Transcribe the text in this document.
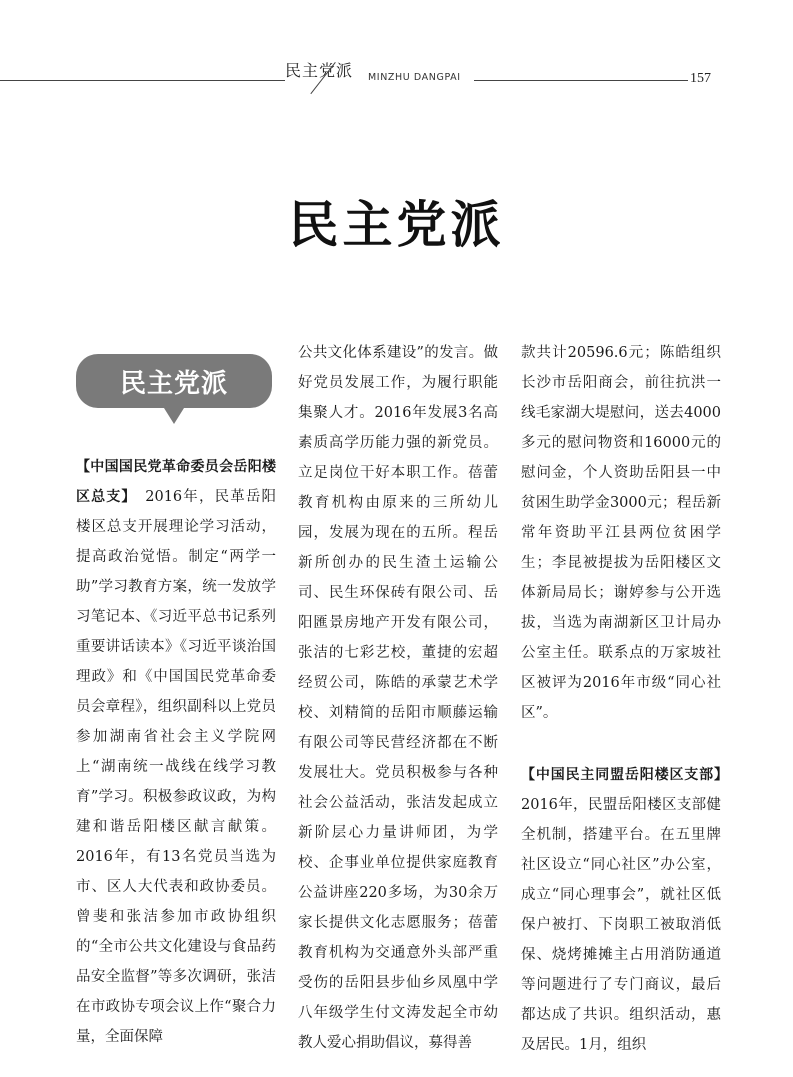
民主党派 MINZHU DANGPAI	157
民主党派
民主党派

【中国国民党革命委员会岳阳楼区总支】　 2016年，民革岳阳楼区总支开展理论学习活动，提高政治觉悟。制定“两学一助”学习教育方案，统一发放学习笔记本、《习近平总书记系列重要讲话读本》《习近平谈治国理政》和《中国国民党革命委员会章程》，组织副科以上党员参加湖南省社会主义学院网上“湖南统一战线在线学习教育”学习。积极参政议政，为构建和谐岳阳楼区献言献策。2016年，有13名党员当选为市、区人大代表和政协委员。曾斐和张洁参加市政协组织的“全市公共文化建设与食品药品安全监督”等多次调研，张洁在市政协专项会议上作“聚合力量，全面保障

公共文化体系建设”的发言。做好党员发展工作，为履行职能集聚人才。2016年发展3名高素质高学历能力强的新党员。立足岗位干好本职工作。蓓蕾教育机构由原来的三所幼儿园，发展为现在的五所。程岳新所创办的民生渣土运输公司、民生环保砖有限公司、岳阳匯景房地产开发有限公司，张洁的七彩艺校，董捷的宏超经贸公司，陈皓的承蒙艺术学校、刘精简的岳阳市顺藤运输有限公司等民营经济都在不断发展壮大。党员积极参与各种社会公益活动，张洁发起成立新阶层心力量讲师团，为学校、企事业单位提供家庭教育公益讲座220多场，为30余万家长提供文化志愿服务；蓓蕾教育机构为交通意外头部严重受伤的岳阳县步仙乡凤凰中学八年级学生付文涛发起全市幼教人爱心捐助倡议，募得善

款共计20596.6元；陈皓组织长沙市岳阳商会，前往抗洪一线毛家湖大堤慰问，送去4000多元的慰问物资和16000元的慰问金，个人资助岳阳县一中贫困生助学金3000元；程岳新常年资助平江县两位贫困学生；李昆被提拔为岳阳楼区文体新局局长；谢婷参与公开选拔，当选为南湖新区卫计局办公室主任。联系点的万家坡社区被评为2016年市级“同心社区”。

【中国民主同盟岳阳楼区支部】　2016年，民盟岳阳楼区支部健全机制，搭建平台。在五里牌社区设立“同心社区”办公室，成立“同心理事会”，就社区低保户被打、下岗职工被取消低保、烧烤摊摊主占用消防通道等问题进行了专门商议，最后都达成了共识。组织活动，惠及居民。1月，组织
